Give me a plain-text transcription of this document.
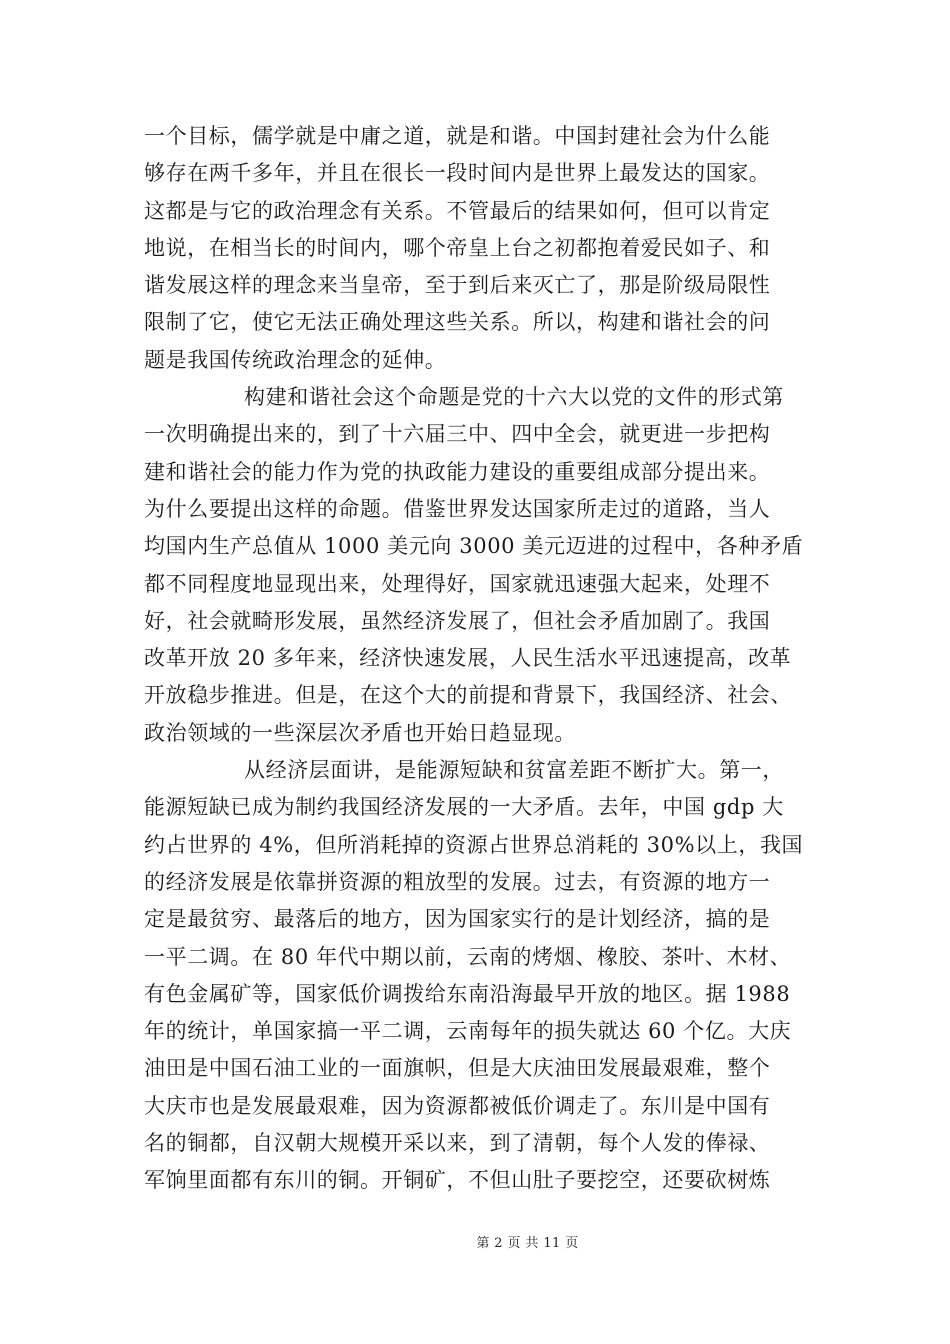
一个目标，儒学就是中庸之道，就是和谐。中国封建社会为什么能
够存在两千多年，并且在很长一段时间内是世界上最发达的国家。
这都是与它的政治理念有关系。不管最后的结果如何，但可以肯定
地说，在相当长的时间内，哪个帝皇上台之初都抱着爱民如子、和
谐发展这样的理念来当皇帝，至于到后来灭亡了，那是阶级局限性
限制了它，使它无法正确处理这些关系。所以，构建和谐社会的问
题是我国传统政治理念的延伸。
构建和谐社会这个命题是党的十六大以党的文件的形式第
一次明确提出来的，到了十六届三中、四中全会，就更进一步把构
建和谐社会的能力作为党的执政能力建设的重要组成部分提出来。
为什么要提出这样的命题。借鉴世界发达国家所走过的道路，当人
均国内生产总值从 1000 美元向 3000 美元迈进的过程中，各种矛盾
都不同程度地显现出来，处理得好，国家就迅速强大起来，处理不
好，社会就畸形发展，虽然经济发展了，但社会矛盾加剧了。我国
改革开放 20 多年来，经济快速发展，人民生活水平迅速提高，改革
开放稳步推进。但是，在这个大的前提和背景下，我国经济、社会、
政治领域的一些深层次矛盾也开始日趋显现。
从经济层面讲，是能源短缺和贫富差距不断扩大。第一，
能源短缺已成为制约我国经济发展的一大矛盾。去年，中国 gdp 大
约占世界的 4%，但所消耗掉的资源占世界总消耗的 30%以上，我国
的经济发展是依靠拼资源的粗放型的发展。过去，有资源的地方一
定是最贫穷、最落后的地方，因为国家实行的是计划经济，搞的是
一平二调。在 80 年代中期以前，云南的烤烟、橡胶、茶叶、木材、
有色金属矿等，国家低价调拨给东南沿海最早开放的地区。据 1988
年的统计，单国家搞一平二调，云南每年的损失就达 60 个亿。大庆
油田是中国石油工业的一面旗帜，但是大庆油田发展最艰难，整个
大庆市也是发展最艰难，因为资源都被低价调走了。东川是中国有
名的铜都，自汉朝大规模开采以来，到了清朝，每个人发的俸禄、
军饷里面都有东川的铜。开铜矿，不但山肚子要挖空，还要砍树炼
第 2 页 共 11 页
